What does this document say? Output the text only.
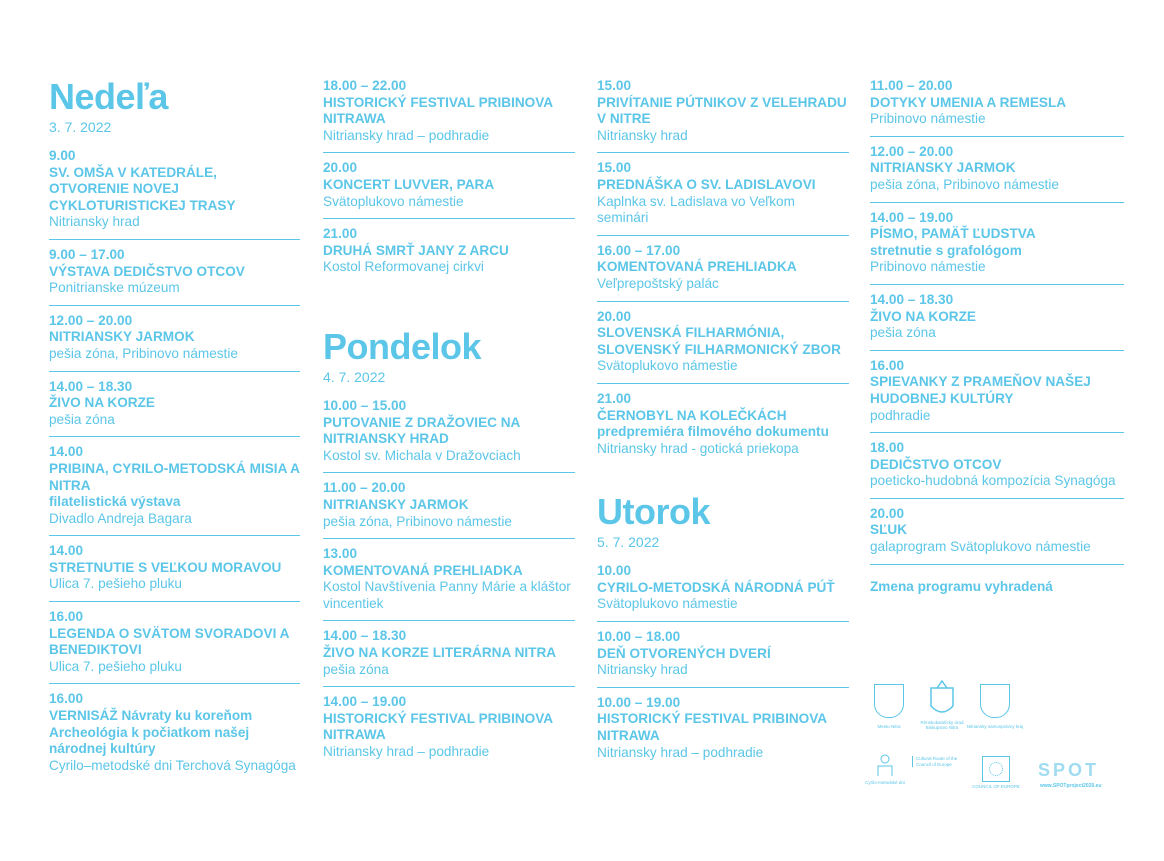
Nedeľa
3. 7. 2022
9.00
SV. OMŠA V KATEDRÁLE, OTVORENIE NOVEJ CYKLOTURISTICKEJ TRASY
Nitriansky hrad
9.00 – 17.00
VÝSTAVA DEDIČSTVO OTCOV
Ponitrianske múzeum
12.00 – 20.00
NITRIANSKY JARMOK
pešia zóna, Pribinovo námestie
14.00 – 18.30
ŽIVO NA KORZE
pešia zóna
14.00
PRIBINA, CYRILO-METODSKÁ MISIA A NITRA
filatelistická výstava
Divadlo Andreja Bagara
14.00
STRETNUTIE S VEĽKOU MORAVOU
Ulica 7. pešieho pluku
16.00
LEGENDA O SVÄTOM SVORADOVI A BENEDIKTOVI
Ulica 7. pešieho pluku
16.00
VERNISÁŽ Návraty ku koreňom Archeológia k počiatkom našej národnej kultúry
Cyrilo–metodské dni Terchová Synagóga
18.00 – 22.00
HISTORICKÝ FESTIVAL PRIBINOVA NITRAWA
Nitriansky hrad – podhradie
20.00
KONCERT LUVVER, PARA
Svätoplukovo námestie
21.00
DRUHÁ SMRŤ JANY Z ARCU
Kostol Reformovanej cirkvi
Pondelok
4. 7. 2022
10.00 – 15.00
PUTOVANIE Z DRAŽOVIEC NA NITRIANSKY HRAD
Kostol sv. Michala v Dražovciach
11.00 – 20.00
NITRIANSKY JARMOK
pešia zóna, Pribinovo námestie
13.00
KOMENTOVANÁ PREHLIADKA
Kostol Navštívenia Panny Márie a kláštor vincentiek
14.00 – 18.30
ŽIVO NA KORZE LITERÁRNA NITRA
pešia zóna
14.00 – 19.00
HISTORICKÝ FESTIVAL PRIBINOVA NITRAWA
Nitriansky hrad – podhradie
15.00
PRIVÍTANIE PÚTNIKOV Z VELEHRADU V NITRE
Nitriansky hrad
15.00
PREDNÁŠKA O SV. LADISLAVOVI
Kaplnka sv. Ladislava vo Veľkom seminári
16.00 – 17.00
KOMENTOVANÁ PREHLIADKA
Veľprepoštský palác
20.00
SLOVENSKÁ FILHARMÓNIA, SLOVENSKÝ FILHARMONICKÝ ZBOR
Svätoplukovo námestie
21.00
ČERNOBYL NA KOLEČKÁCH
predpremiéra filmového dokumentu
Nitriansky hrad - gotická priekopa
Utorok
5. 7. 2022
10.00
CYRILO-METODSKÁ NÁRODNÁ PÚŤ
Svätoplukovo námestie
10.00 – 18.00
DEŇ OTVORENÝCH DVERÍ
Nitriansky hrad
10.00 – 19.00
HISTORICKÝ FESTIVAL PRIBINOVA NITRAWA
Nitriansky hrad – podhradie
11.00 – 20.00
DOTYKY UMENIA A REMESLA
Pribinovo námestie
12.00 – 20.00
NITRIANSKY JARMOK
pešia zóna, Pribinovo námestie
14.00 – 19.00
PÍSMO, PAMÄŤ ĽUDSTVA
stretnutie s grafológom
Pribinovo námestie
14.00 – 18.30
ŽIVO NA KORZE
pešia zóna
16.00
SPIEVANKY Z PRAMEŇOV NAŠEJ HUDOBNEJ KULTÚRY
podhradie
18.00
DEDIČSTVO OTCOV
poeticko-hudobná kompozícia Synagóga
20.00
SĽUK
galaprogram Svätoplukovo námestie
Zmena programu vyhradená
Mesto Nitra
Rímskokatolícky úrad Biskupstvo Nitra	Nitriansky samosprávny kraj
Cyrilo-metodské dni
Cultural Route of the Council of Europe
COUNCIL OF EUROPE
SPOT
www.SPOTproject2020.eu
